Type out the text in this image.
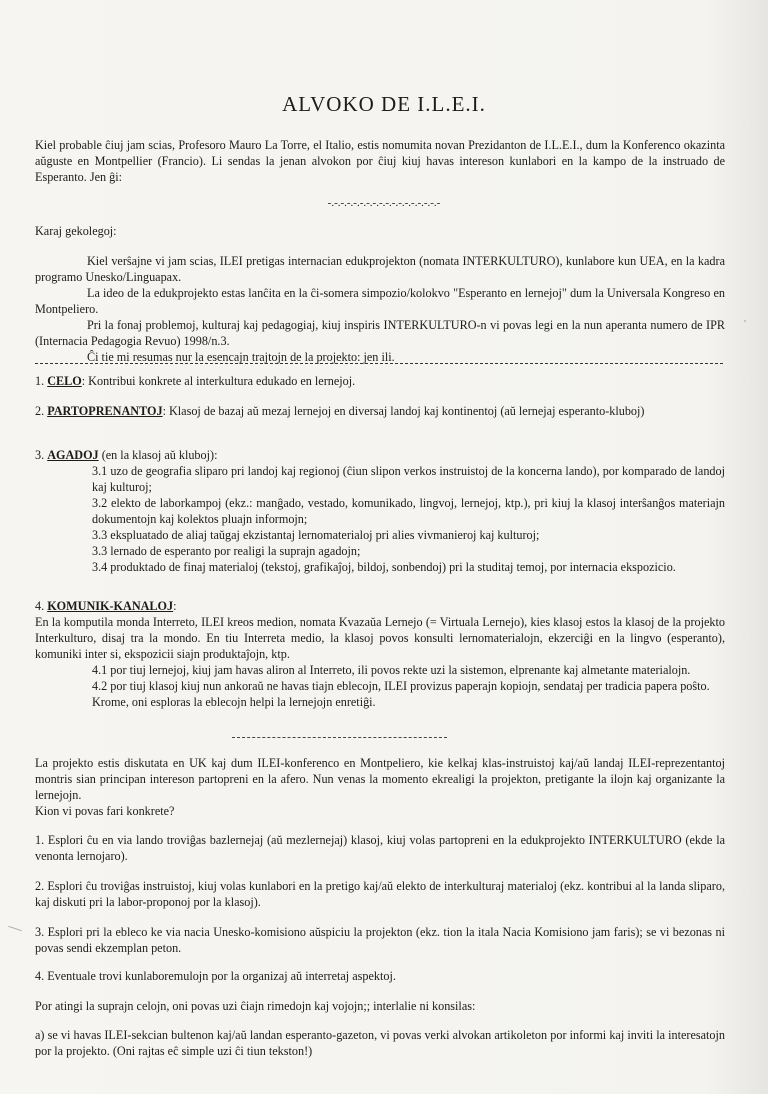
ALVOKO DE I.L.E.I.

Kiel probable ĉiuj jam scias, Profesoro Mauro La Torre, el Italio, estis nomumita novan Prezidanton de I.L.E.I., dum la Konferenco okazinta aŭguste en Montpellier (Francio). Li sendas la jenan alvokon por ĉiuj kiuj havas intereson kunlabori en la kampo de la instruado de Esperanto. Jen ĝi:

-.-.-.-.-.-.-.-.-.-.-.-.-.-.-.-.-.-

Karaj gekolegoj:

Kiel verŝajne vi jam scias, ILEI pretigas internacian edukprojekton (nomata INTERKULTURO), kunlabore kun UEA, en la kadra programo Unesko/Linguapax.

La ideo de la edukprojekto estas lanĉita en la ĉi-somera simpozio/kolokvo "Esperanto en lernejoj" dum la Universala Kongreso en Montpeliero.

Pri la fonaj problemoj, kulturaj kaj pedagogiaj, kiuj inspiris INTERKULTURO-n vi povas legi en la nun aperanta numero de IPR (Internacia Pedagogia Revuo) 1998/n.3.

Ĉi tie mi resumas nur la esencajn trajtojn de la projekto: jen ili.

1. CELO: Kontribui konkrete al interkultura edukado en lernejoj.

2. PARTOPRENANTOJ: Klasoj de bazaj aŭ mezaj lernejoj en diversaj landoj kaj kontinentoj (aŭ lernejaj esperanto-kluboj)

3. AGADOJ (en la klasoj aŭ kluboj):

3.1 uzo de geografia sliparo pri landoj kaj regionoj (ĉiun slipon verkos instruistoj de la koncerna lando), por komparado de landoj kaj kulturoj;

3.2 elekto de laborkampoj (ekz.: manĝado, vestado, komunikado, lingvoj, lernejoj, ktp.), pri kiuj la klasoj interŝanĝos materiajn dokumentojn kaj kolektos pluajn informojn;

3.3 ekspluatado de aliaj taŭgaj ekzistantaj lernomaterialoj pri alies vivmanieroj kaj kulturoj;

3.3 lernado de esperanto por realigi la suprajn agadojn;

3.4 produktado de finaj materialoj (tekstoj, grafikaĵoj, bildoj, sonbendoj) pri la studitaj temoj, por internacia ekspozicio.

4. KOMUNIK-KANALOJ:

En la komputila monda Interreto, ILEI kreos medion, nomata Kvazaŭa Lernejo (= Virtuala Lernejo), kies klasoj estos la klasoj de la projekto Interkulturo, disaj tra la mondo. En tiu Interreta medio, la klasoj povos konsulti lernomaterialojn, ekzerciĝi en la lingvo (esperanto), komuniki inter si, ekspozicii siajn produktaĵojn, ktp.

4.1 por tiuj lernejoj, kiuj jam havas aliron al Interreto, ili povos rekte uzi la sistemon, elprenante kaj almetante materialojn.

4.2 por tiuj klasoj kiuj nun ankoraŭ ne havas tiajn eblecojn, ILEI provizus paperajn kopiojn, sendataj per tradicia papera poŝto.

Krome, oni esploras la eblecojn helpi la lernejojn enretiĝi.

La projekto estis diskutata en UK kaj dum ILEI-konferenco en Montpeliero, kie kelkaj klas-instruistoj kaj/aŭ landaj ILEI-reprezentantoj montris sian principan intereson partopreni en la afero. Nun venas la momento ekrealigi la projekton, pretigante la ilojn kaj organizante la lernejojn.

Kion vi povas fari konkrete?

1. Esplori ĉu en via lando troviĝas bazlernejaj (aŭ mezlernejaj) klasoj, kiuj volas partopreni en la edukprojekto INTERKULTURO (ekde la venonta lernojaro).

2. Esplori ĉu troviĝas instruistoj, kiuj volas kunlabori en la pretigo kaj/aŭ elekto de interkulturaj materialoj (ekz. kontribui al la landa sliparo, kaj diskuti pri la labor-proponoj por la klasoj).

3. Esplori pri la ebleco ke via nacia Unesko-komisiono aŭspiciu la projekton (ekz. tion la itala Nacia Komisiono jam faris); se vi bezonas ni povas sendi ekzemplan peton.

4. Eventuale trovi kunlaboremulojn por la organizaj aŭ interretaj aspektoj.

Por atingi la suprajn celojn, oni povas uzi ĉiajn rimedojn kaj vojojn;; interlalie ni konsilas:

a) se vi havas ILEI-sekcian bultenon kaj/aŭ landan esperanto-gazeton, vi povas verki alvokan artikoleton por informi kaj inviti la interesatojn por la projekto. (Oni rajtas eĉ simple uzi ĉi tiun tekston!)
